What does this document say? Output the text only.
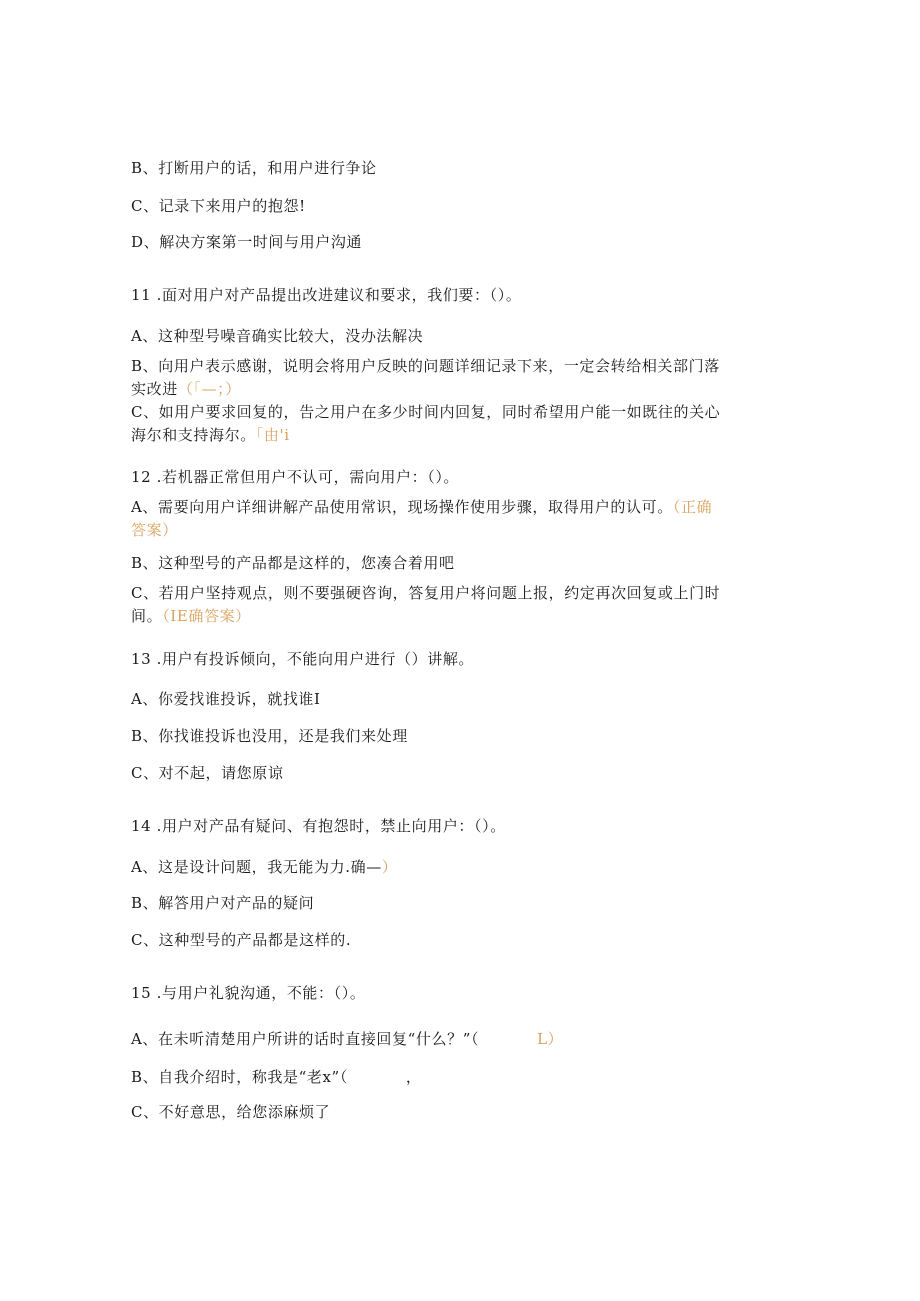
B、打断用户的话，和用户进行争论
C、记录下来用户的抱怨!
D、解决方案第一时间与用户沟通
11 .面对用户对产品提出改进建议和要求，我们要：（）。
A、这种型号噪音确实比较大，没办法解决
B、向用户表示感谢，说明会将用户反映的问题详细记录下来，一定会转给相关部门落
实改进（「—；）
C、如用户要求回复的，告之用户在多少时间内回复，同时希望用户能一如既往的关心
海尔和支持海尔。「由'i
12 .若机器正常但用户不认可，需向用户：（）。
A、需要向用户详细讲解产品使用常识，现场操作使用步骤，取得用户的认可。（正确
答案）
B、这种型号的产品都是这样的，您凑合着用吧
C、若用户坚持观点，则不要强硬咨询，答复用户将问题上报，约定再次回复或上门时
间。（IE确答案）
13 .用户有投诉倾向，不能向用户进行（）讲解。
A、你爱找谁投诉，就找谁I
B、你找谁投诉也没用，还是我们来处理
C、对不起，请您原谅
14 .用户对产品有疑问、有抱怨时，禁止向用户：（）。
A、这是设计问题，我无能为力.确—）
B、解答用户对产品的疑问
C、这种型号的产品都是这样的.
15 .与用户礼貌沟通，不能：（）。
A、在未听清楚用户所讲的话时直接回复“什么？”（	L）
B、自我介绍时，称我是“老x”（	，
C、不好意思，给您添麻烦了
